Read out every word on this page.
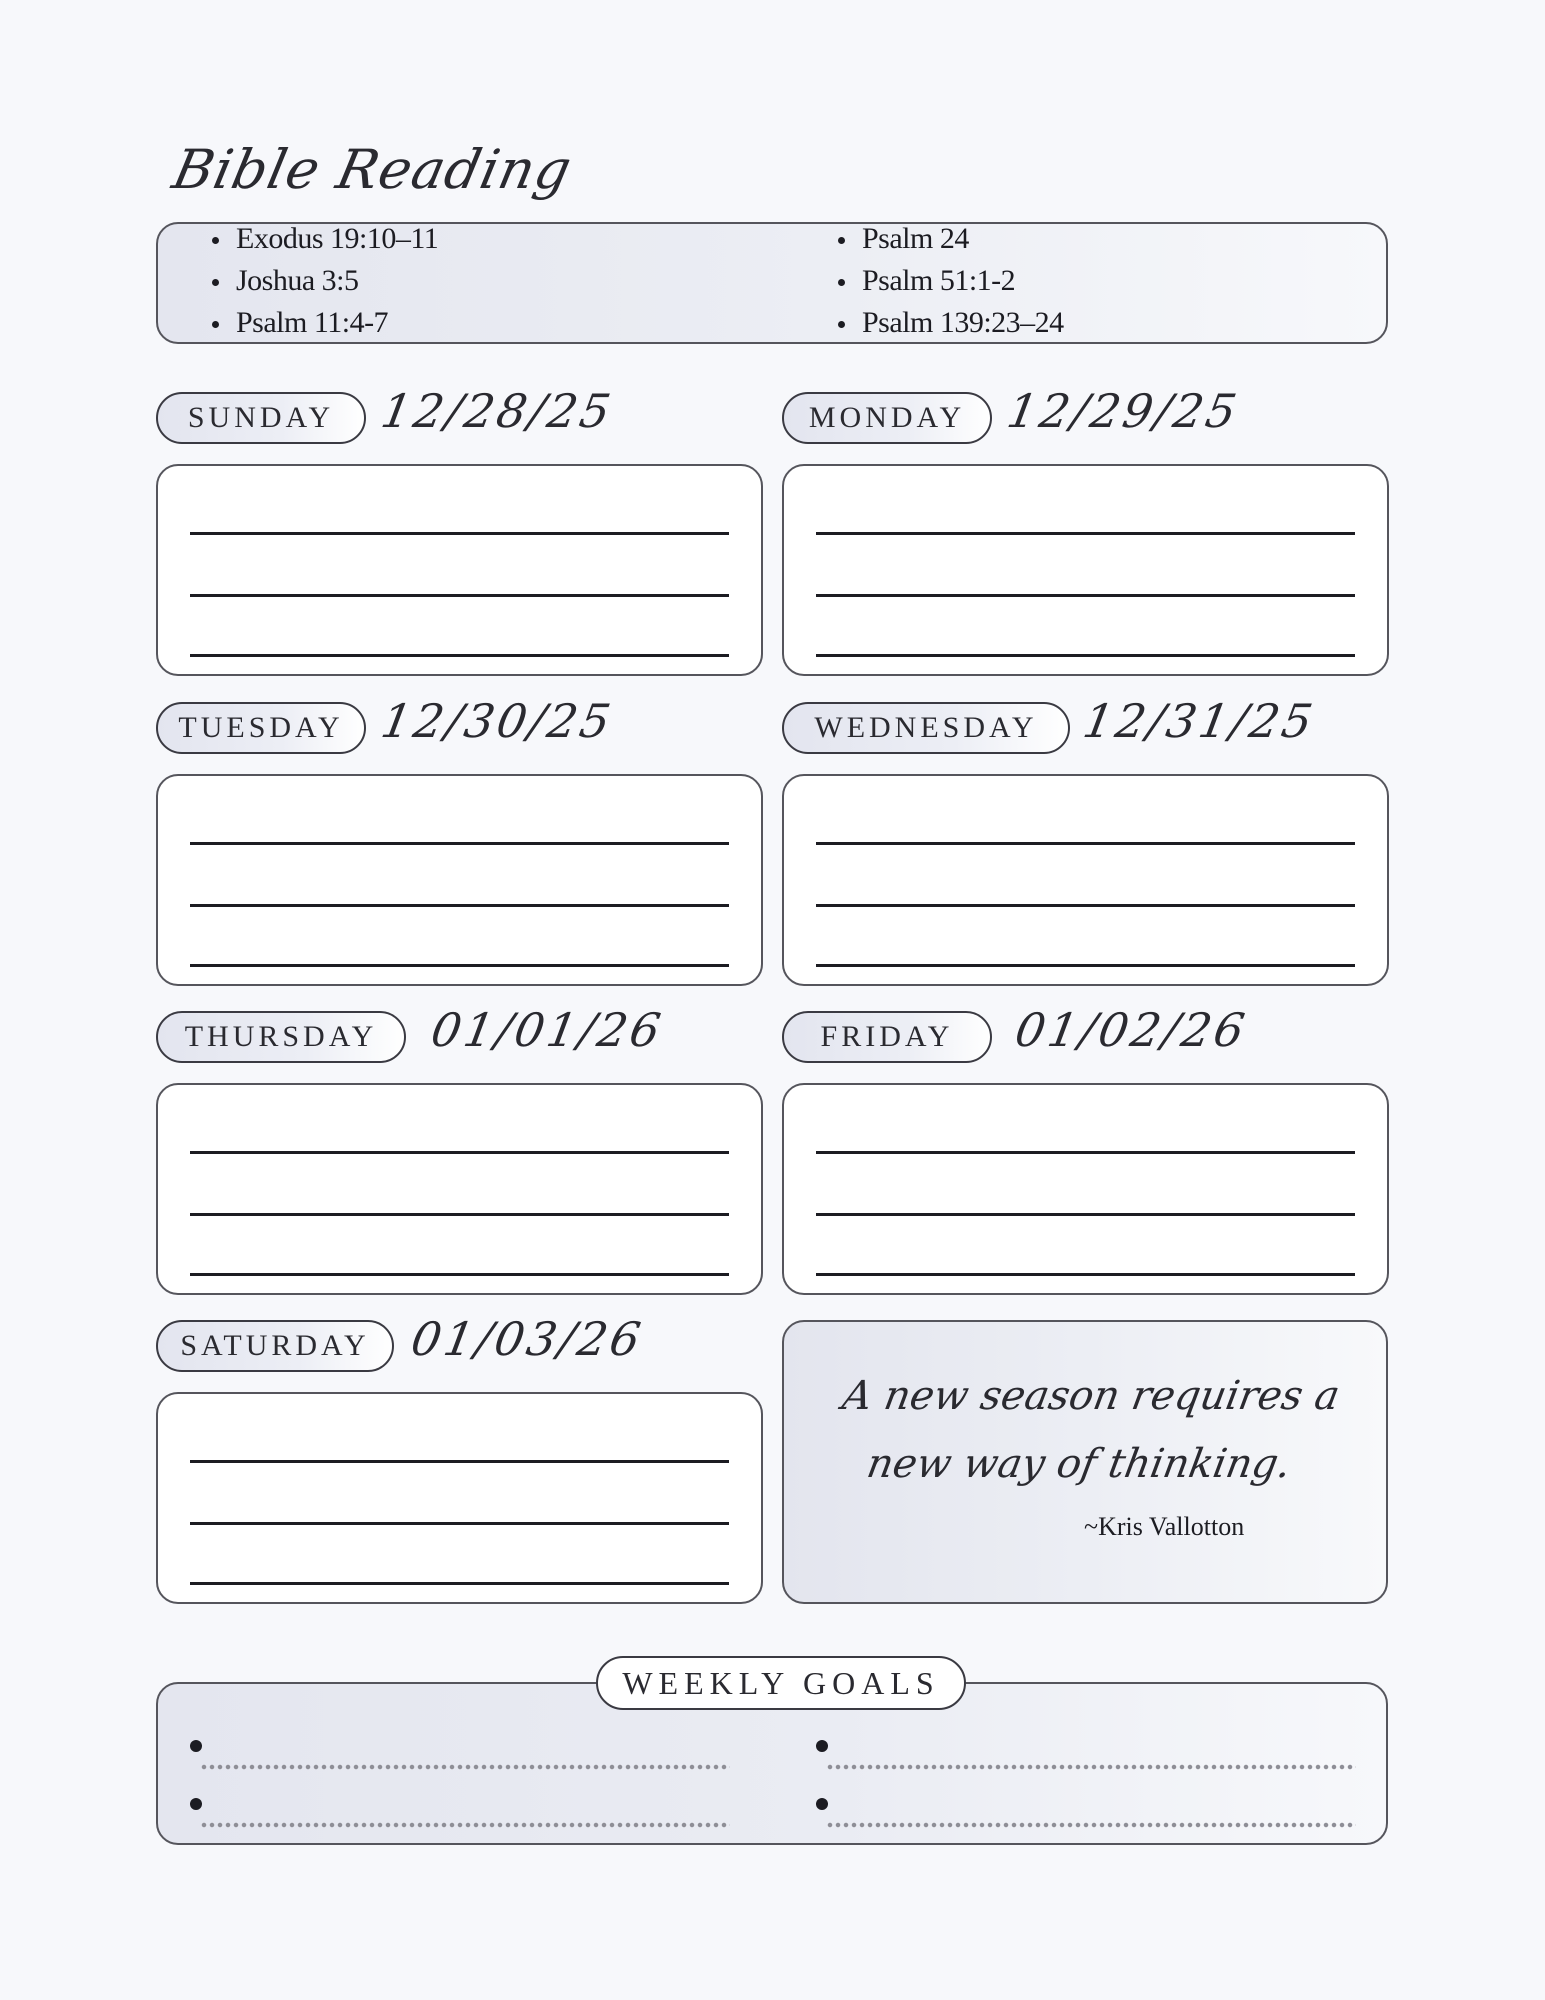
Bible Reading
Exodus 19:10–11
Joshua 3:5
Psalm 11:4-7
Psalm 24
Psalm 51:1-2
Psalm 139:23–24
SUNDAY 12/28/25	MONDAY 12/29/25
TUESDAY 12/30/25	WEDNESDAY 12/31/25
THURSDAY	01/01/26	FRIDAY	01/02/26
SATURDAY 01/03/26
A new season requires a new way of thinking.
~Kris Vallotton
WEEKLY GOALS
